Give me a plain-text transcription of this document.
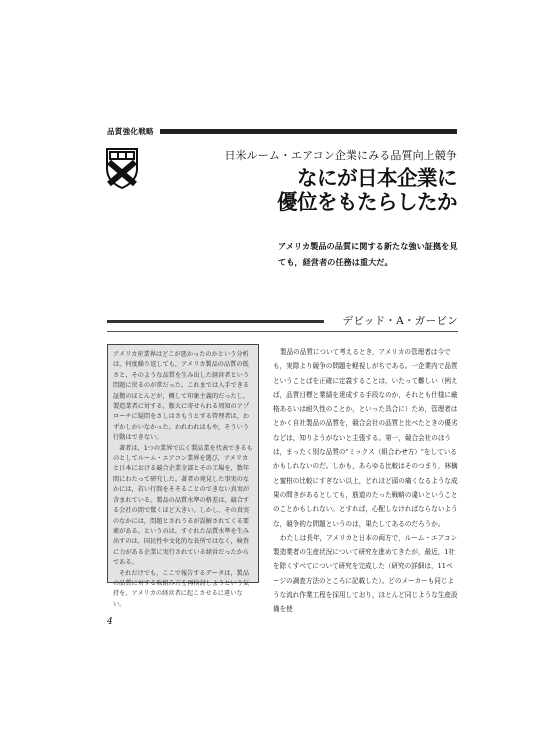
品質強化戦略
日米ルーム・エアコン企業にみる品質向上競争
なにが日本企業に
優位をもたらしたか
アメリカ製品の品質に関する新たな強い証拠を見ても，経営者の任務は重大だ。
デビッド・A・ガービン

アメリカ産業界はどこが悪かったのかという分析は，何度繰り返しても，アメリカ製品の品質の低さと，そのような品質を生み出した経営者という問題に戻るのが常だった。これまでは入手できる証拠のほとんどが，概して印象主義的だったし，製造業者に対する，膨大に寄せられる周知のアプローチに疑問をさしはさもうとする管理者は，わずかしかいなかった。われわれはもや，そういう行動はできない。

著者は，1つの業界で広く製品業を代表できるものとしてルーム・エアコン業界を選び，アメリカと日本における競合企業全部とその工場を，数年間にわたって研究した。著者の発見した事実のなかには，若い行間をそそることのできない真実が含まれている。製品の品質水準の格差は，競合する会社の間で驚くほど大きい。しかし，その真実のなかには，問題とされうるが誤解されてくる要素がある。というのは，すぐれた品質水準を生み出すのは，国民性や文化的な長所ではなく，検査に力がある企業に実行されている経営だったからである。

それだけでも，ここで報告するデータは，製品の品質に対する取組み方を再検討しようという気持を，アメリカの経営者に起こさせるに違いない。

製品の品質について考えるとき，アメリカの管理者は今でも，実際より競争の問題を軽視しがちである。一企業内で品質ということばを正確に定義することは，いたって難しい（例えば，品質目標と業績を達成する手段なのか，それとも仕様に厳格あるいは耐久性のことか，といった具合に）ため，管理者はとかく自社製品の品質を，競合会社の品質と比べたときの優劣などは，知りようがないと主張する。第一，競合会社のほうは，まったく別な品質の"ミックス（組合わせ方）"をしているかもしれないのだ。しかも，あらゆる比較はそのつまり，林檎と蜜柑の比較にすぎない以上，どれほど頭の痛くなるような成果の問きがあるとしても，筋道のたった戦略の違いということのことかもしれない。とすれば，心配しなければならないような，競争的な問題というのは，果たしてあるのだろうか。

わたしは長年，アメリカと日本の両方で，ルーム・エアコン製造業者の生産状況について研究を進めてきたが，最近，1社を除くすべてについて研究を完成した（研究の詳細は，11ページの調査方法のところに記載した）。どのメーカーも同じような流れ作業工程を採用しており，ほとんど同じような生産設備を使

4
